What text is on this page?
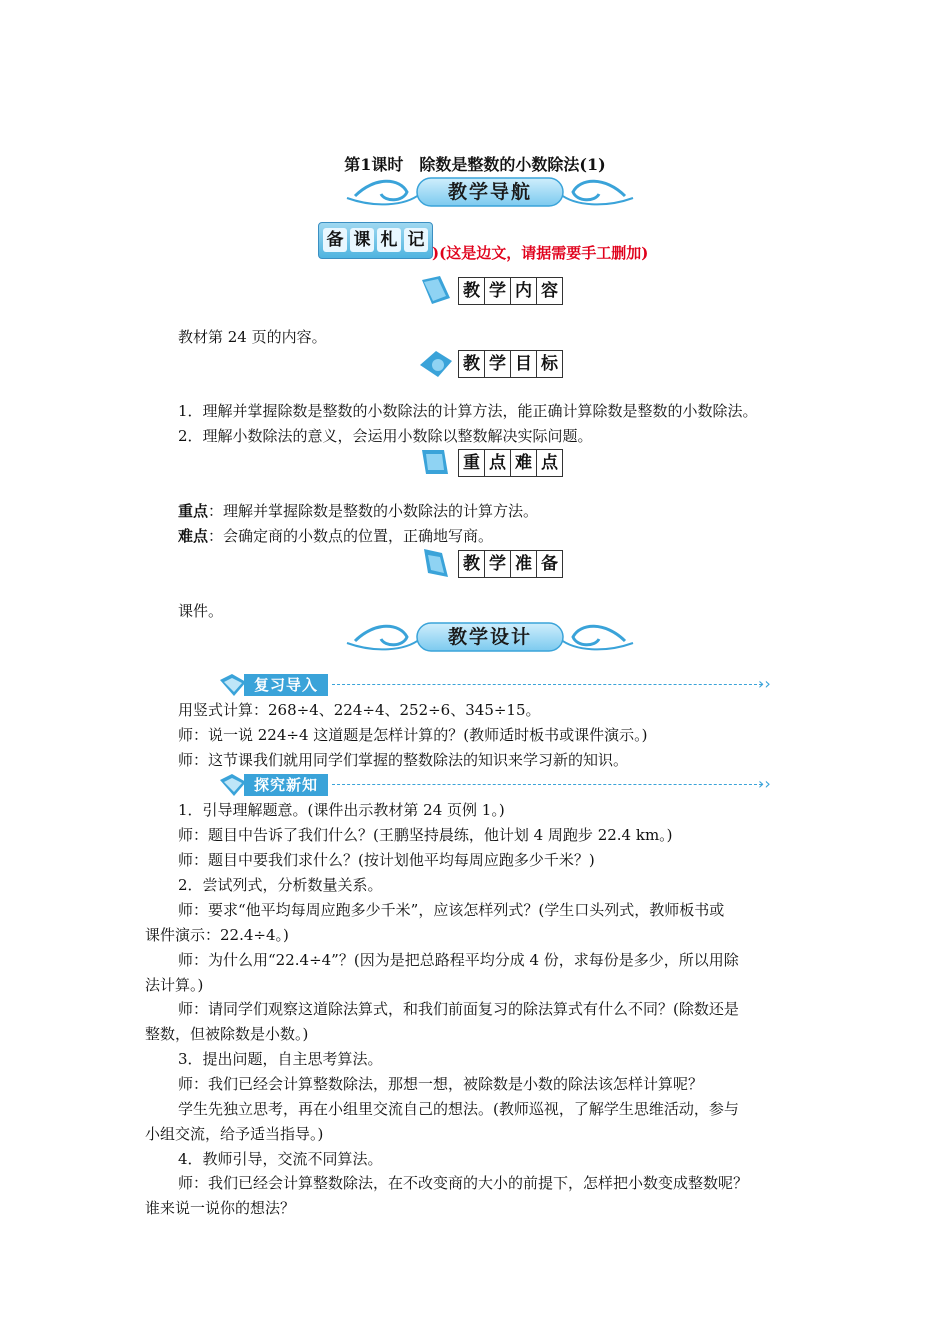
第1课时　除数是整数的小数除法(1)
教学导航
备 课 札 记
)(这是边文，请据需要手工删加)
教 学 内 容
教材第 24 页的内容。
教 学 目 标
1．理解并掌握除数是整数的小数除法的计算方法，能正确计算除数是整数的小数除法。
2．理解小数除法的意义，会运用小数除以整数解决实际问题。
重 点 难 点
重点：理解并掌握除数是整数的小数除法的计算方法。
难点：会确定商的小数点的位置，正确地写商。
教 学 准 备
课件。
教学设计
复习导入	››
用竖式计算：268÷4、224÷4、252÷6、345÷15。
师：说一说 224÷4 这道题是怎样计算的？(教师适时板书或课件演示。)
师：这节课我们就用同学们掌握的整数除法的知识来学习新的知识。
探究新知	››
1．引导理解题意。(课件出示教材第 24 页例 1。)
师：题目中告诉了我们什么？(王鹏坚持晨练，他计划 4 周跑步 22.4 km。)
师：题目中要我们求什么？(按计划他平均每周应跑多少千米？)
2．尝试列式，分析数量关系。
师：要求“他平均每周应跑多少千米”，应该怎样列式？(学生口头列式，教师板书或
课件演示：22.4÷4。)
师：为什么用“22.4÷4”？(因为是把总路程平均分成 4 份，求每份是多少，所以用除
法计算。)
师：请同学们观察这道除法算式，和我们前面复习的除法算式有什么不同？(除数还是
整数，但被除数是小数。)
3．提出问题，自主思考算法。
师：我们已经会计算整数除法，那想一想，被除数是小数的除法该怎样计算呢？
学生先独立思考，再在小组里交流自己的想法。(教师巡视，了解学生思维活动，参与
小组交流，给予适当指导。)
4．教师引导，交流不同算法。
师：我们已经会计算整数除法，在不改变商的大小的前提下，怎样把小数变成整数呢？
谁来说一说你的想法？
